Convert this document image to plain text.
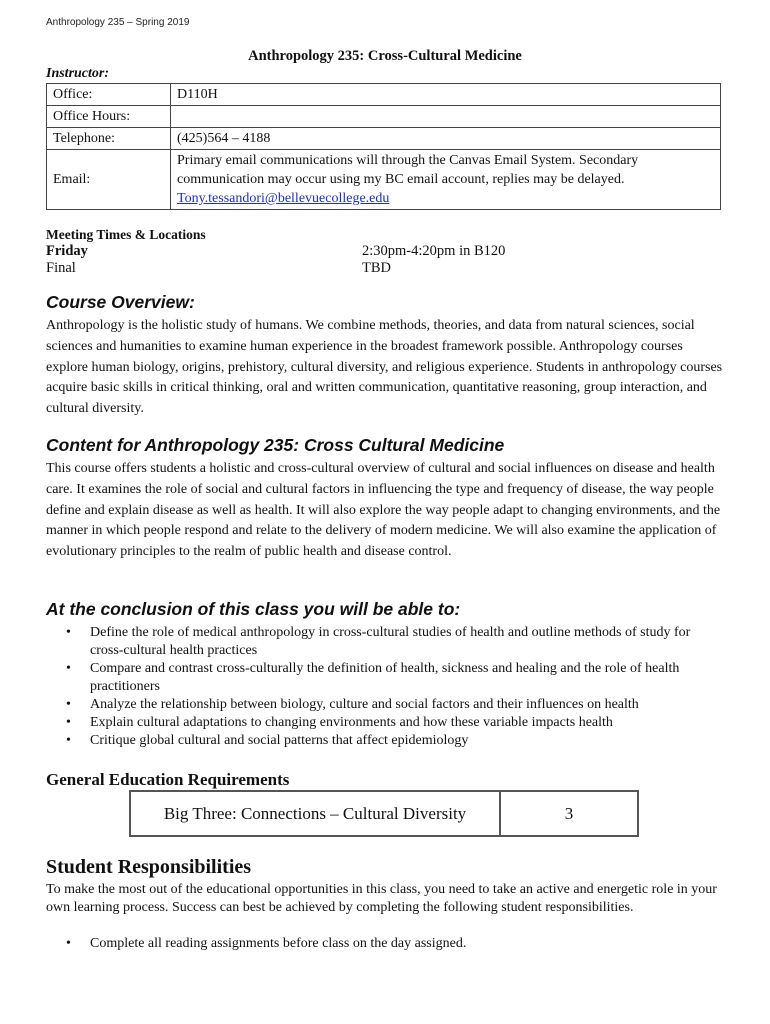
Anthropology 235 – Spring 2019
Anthropology 235: Cross-Cultural Medicine
Instructor:
Office:	D110H
Office Hours:	
Telephone:	(425)564 – 4188
Email:	Primary email communications will through the Canvas Email System. Secondary communication may occur using my BC email account, replies may be delayed.
Tony.tessandori@bellevuecollege.edu
Meeting Times & Locations
Friday	2:30pm-4:20pm in B120
Final	TBD
Course Overview:

Anthropology is the holistic study of humans. We combine methods, theories, and data from natural sciences, social sciences and humanities to examine human experience in the broadest framework possible. Anthropology courses explore human biology, origins, prehistory, cultural diversity, and religious experience. Students in anthropology courses acquire basic skills in critical thinking, oral and written communication, quantitative reasoning, group interaction, and cultural diversity.

Content for Anthropology 235: Cross Cultural Medicine

This course offers students a holistic and cross-cultural overview of cultural and social influences on disease and health care. It examines the role of social and cultural factors in influencing the type and frequency of disease, the way people define and explain disease as well as health. It will also explore the way people adapt to changing environments, and the manner in which people respond and relate to the delivery of modern medicine. We will also examine the application of evolutionary principles to the realm of public health and disease control.

At the conclusion of this class you will be able to:
• Define the role of medical anthropology in cross-cultural studies of health and outline methods of study for cross-cultural health practices
• Compare and contrast cross-culturally the definition of health, sickness and healing and the role of health practitioners
• Analyze the relationship between biology, culture and social factors and their influences on health
• Explain cultural adaptations to changing environments and how these variable impacts health
• Critique global cultural and social patterns that affect epidemiology
General Education Requirements
Big Three: Connections – Cultural Diversity	3
Student Responsibilities

To make the most out of the educational opportunities in this class, you need to take an active and energetic role in your own learning process. Success can best be achieved by completing the following student responsibilities.

• Complete all reading assignments before class on the day assigned.
